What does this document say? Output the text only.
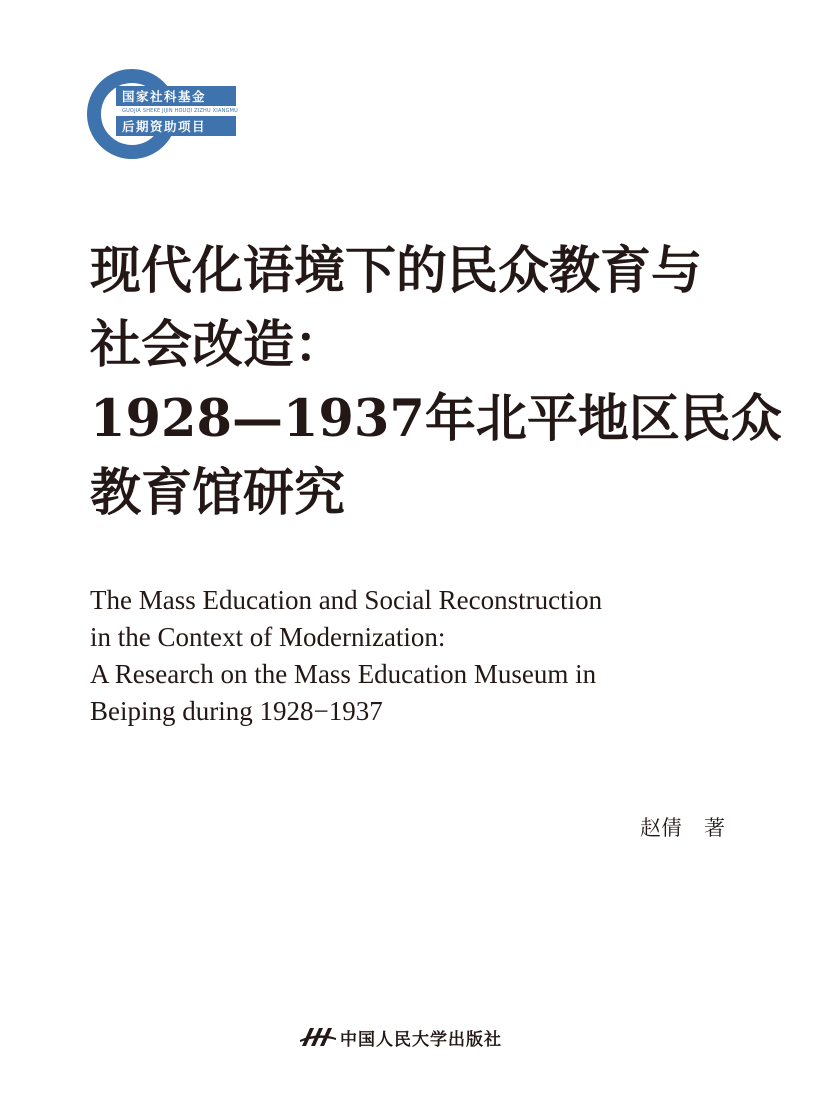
国家社科基金
GUOJIA SHEKE JIJIN HOUQI ZIZHU XIANGMU
后期资助项目
现代化语境下的民众教育与
社会改造：
1928—1937年北平地区民众
教育馆研究
The Mass Education and Social Reconstruction
in the Context of Modernization:
A Research on the Mass Education Museum in
Beiping during 1928−1937
赵倩 著
中国人民大学出版社
